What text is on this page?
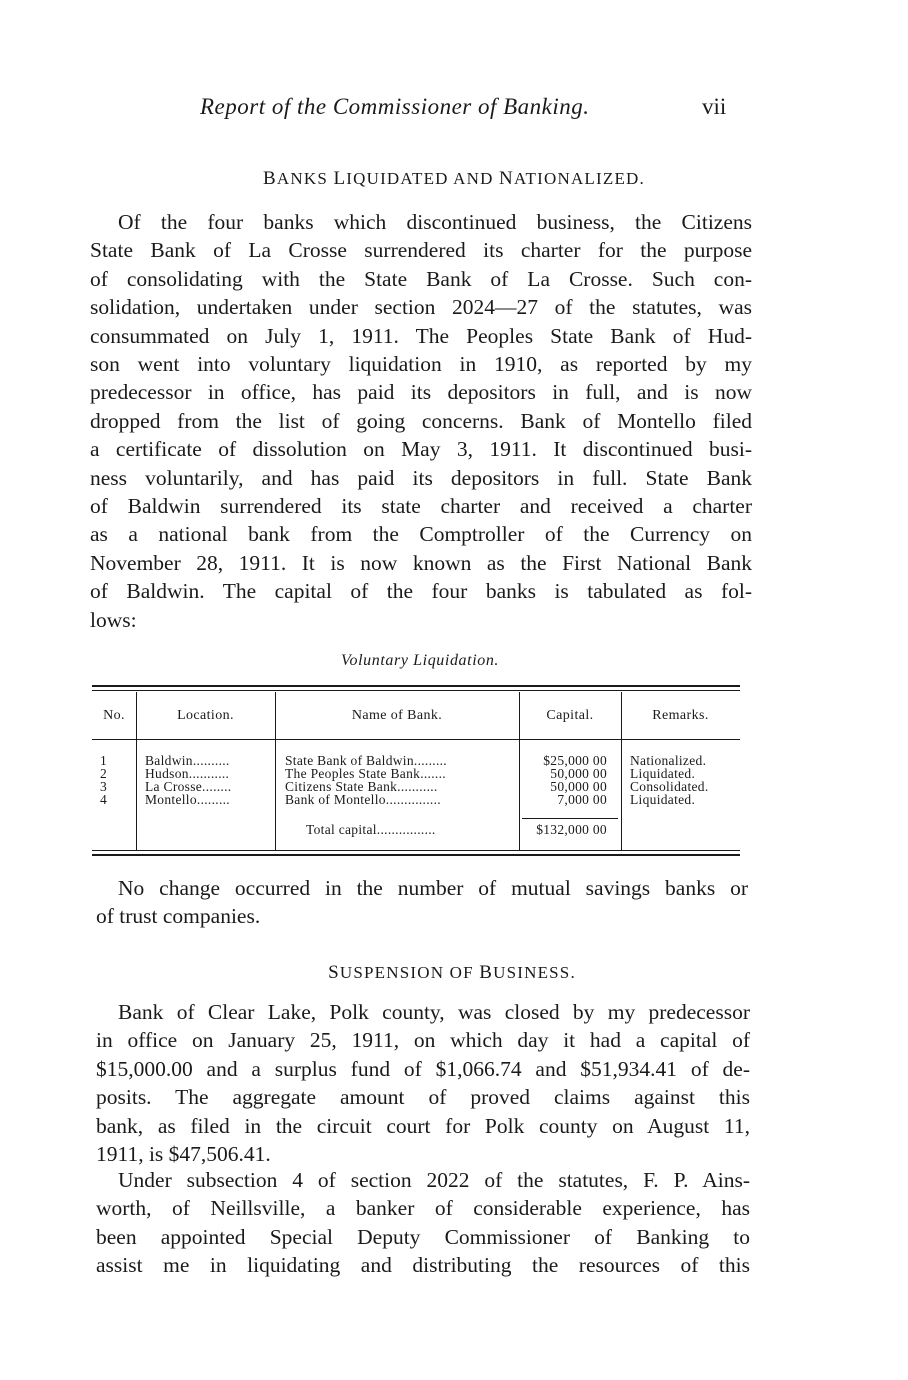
Report of the Commissioner of Banking.	vii
BANKS LIQUIDATED AND NATIONALIZED.
Of the four banks which discontinued business, the Citizens
State Bank of La Crosse surrendered its charter for the purpose
of consolidating with the State Bank of La Crosse. Such con-
solidation, undertaken under section 2024—27 of the statutes, was
consummated on July 1, 1911. The Peoples State Bank of Hud-
son went into voluntary liquidation in 1910, as reported by my
predecessor in office, has paid its depositors in full, and is now
dropped from the list of going concerns. Bank of Montello filed
a certificate of dissolution on May 3, 1911. It discontinued busi-
ness voluntarily, and has paid its depositors in full. State Bank
of Baldwin surrendered its state charter and received a charter
as a national bank from the Comptroller of the Currency on
November 28, 1911. It is now known as the First National Bank
of Baldwin. The capital of the four banks is tabulated as fol-
lows:
Voluntary Liquidation.
No.	Location.	Name of Bank.	Capital.	Remarks.
1	Baldwin..........	State Bank of Baldwin.........	$25,000 00 Nationalized.
2	Hudson...........	The Peoples State Bank.......	50,000 00 Liquidated.
3	La Crosse........	Citizens State Bank...........	50,000 00 Consolidated.
4	Montello.........	Bank of Montello...............	7,000 00 Liquidated.
Total capital................	$132,000 00
No change occurred in the number of mutual savings banks or
of trust companies.
SUSPENSION OF BUSINESS.
Bank of Clear Lake, Polk county, was closed by my predecessor
in office on January 25, 1911, on which day it had a capital of
$15,000.00 and a surplus fund of $1,066.74 and $51,934.41 of de-
posits. The aggregate amount of proved claims against this
bank, as filed in the circuit court for Polk county on August 11,
1911, is $47,506.41.
Under subsection 4 of section 2022 of the statutes, F. P. Ains-
worth, of Neillsville, a banker of considerable experience, has
been appointed Special Deputy Commissioner of Banking to
assist me in liquidating and distributing the resources of this
